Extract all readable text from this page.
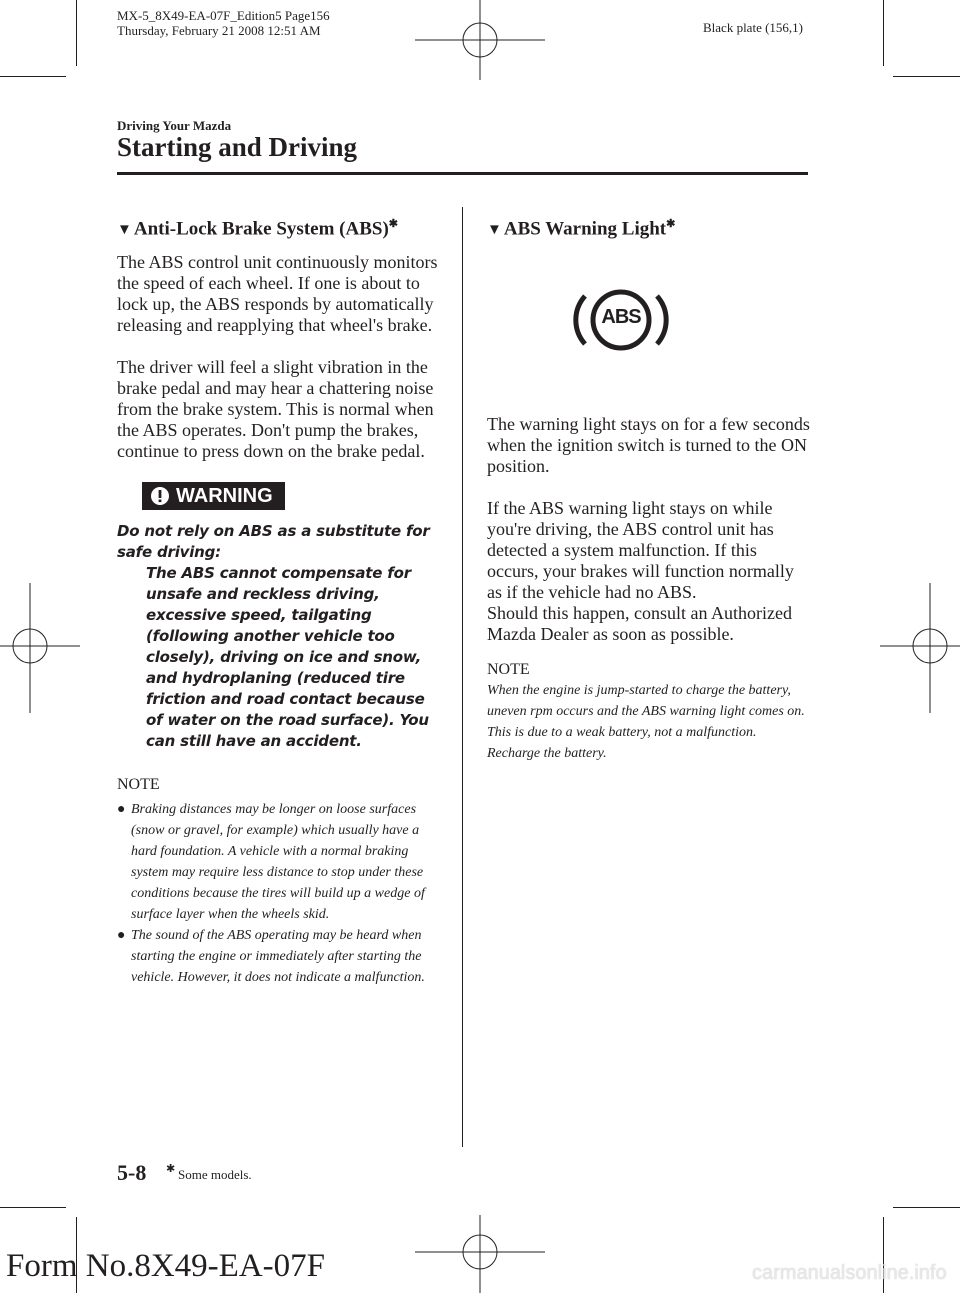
MX-5_8X49-EA-07F_Edition5 Page156
Thursday, February 21 2008 12:51 AM	Black plate (156,1)
Driving Your Mazda
Starting and Driving
▼ Anti-Lock Brake System (ABS)✱

The ABS control unit continuously monitors the speed of each wheel. If one is about to lock up, the ABS responds by automatically releasing and reapplying that wheel's brake.

The driver will feel a slight vibration in the brake pedal and may hear a chattering noise from the brake system. This is normal when the ABS operates. Don't pump the brakes, continue to press down on the brake pedal.

WARNING
Do not rely on ABS as a substitute for safe driving:
The ABS cannot compensate for unsafe and reckless driving, excessive speed, tailgating (following another vehicle too closely), driving on ice and snow, and hydroplaning (reduced tire friction and road contact because of water on the road surface). You can still have an accident.
NOTE
● Braking distances may be longer on loose surfaces (snow or gravel, for example) which usually have a hard foundation. A vehicle with a normal braking system may require less distance to stop under these conditions because the tires will build up a wedge of surface layer when the wheels skid.
● The sound of the ABS operating may be heard when starting the engine or immediately after starting the vehicle. However, it does not indicate a malfunction.
▼ ABS Warning Light✱
ABS

The warning light stays on for a few seconds when the ignition switch is turned to the ON position.

If the ABS warning light stays on while you're driving, the ABS control unit has detected a system malfunction. If this occurs, your brakes will function normally as if the vehicle had no ABS.

Should this happen, consult an Authorized Mazda Dealer as soon as possible.

NOTE
When the engine is jump-started to charge the battery, uneven rpm occurs and the ABS warning light comes on. This is due to a weak battery, not a malfunction.
Recharge the battery.
5-8 ✱ Some models.
Form No.8X49-EA-07F	carmanualsonline.info
